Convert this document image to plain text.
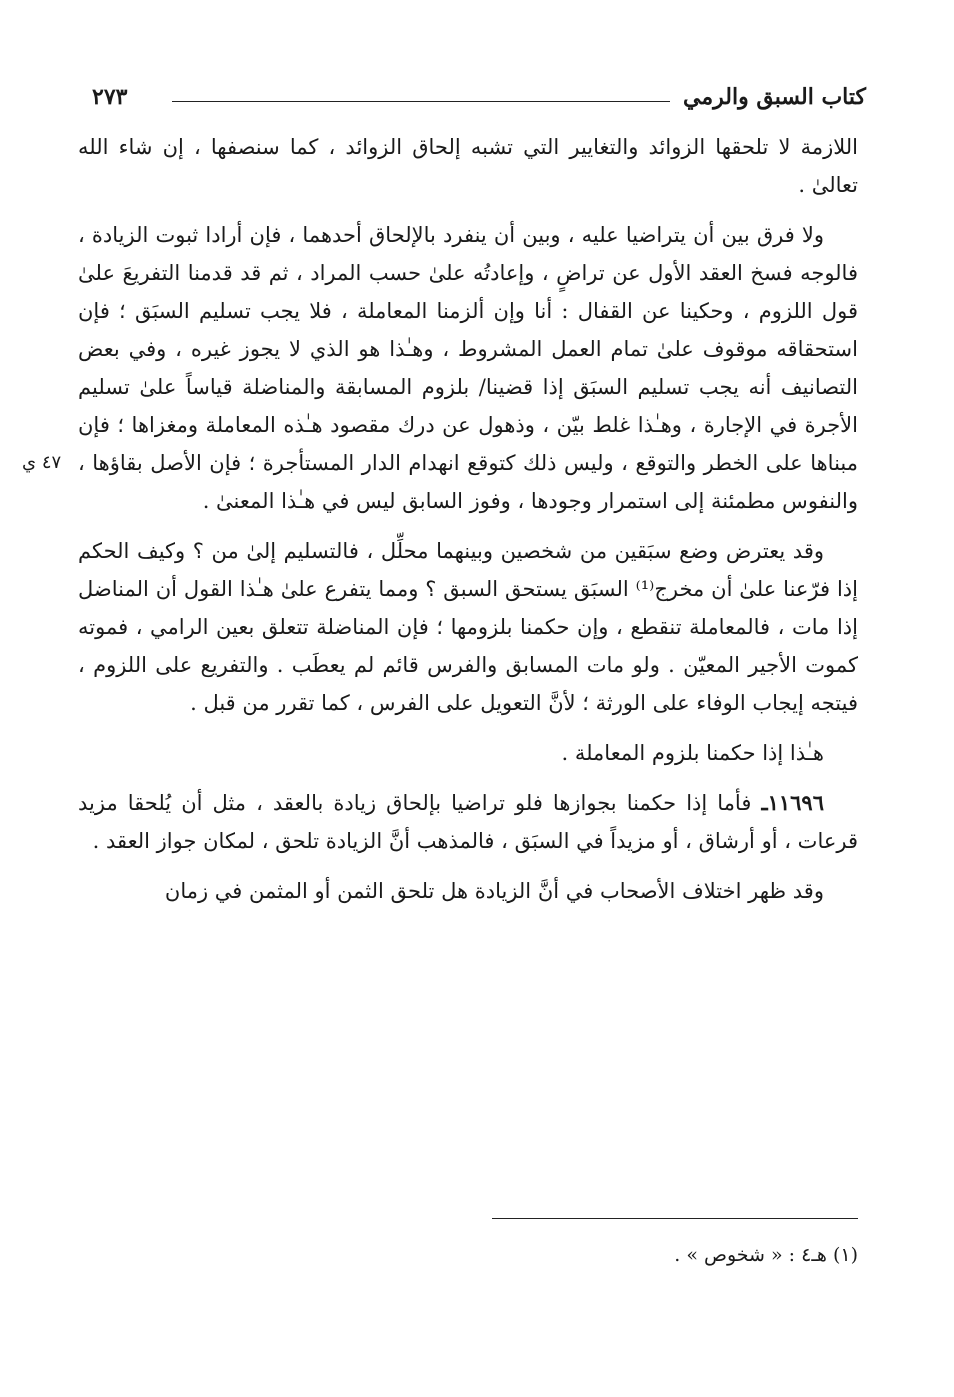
كتاب السبق والرمي
٢٧٣
٤٧ ي

اللازمة لا تلحقها الزوائد والتغايير التي تشبه إلحاق الزوائد ، كما سنصفها ، إن شاء الله تعالىٰ .

ولا فرق بين أن يتراضيا عليه ، وبين أن ينفرد بالإلحاق أحدهما ، فإن أرادا ثبوت الزيادة ، فالوجه فسخ العقد الأول عن تراضٍ ، وإعادتُه علىٰ حسب المراد ، ثم قد قدمنا التفريعَ علىٰ قول اللزوم ، وحكينا عن القفال : أنا وإن ألزمنا المعاملة ، فلا يجب تسليم السبَق ؛ فإن استحقاقه موقوف علىٰ تمام العمل المشروط ، وهـٰذا هو الذي لا يجوز غيره ، وفي بعض التصانيف أنه يجب تسليم السبَق إذا قضينا/ بلزوم المسابقة والمناضلة قياساً علىٰ تسليم الأجرة في الإجارة ، وهـٰذا غلط بيّن ، وذهول عن درك مقصود هـٰذه المعاملة ومغزاها ؛ فإن مبناها على الخطر والتوقع ، وليس ذلك كتوقع انهدام الدار المستأجرة ؛ فإن الأصل بقاؤها ، والنفوس مطمئنة إلى استمرار وجودها ، وفوز السابق ليس في هـٰذا المعنىٰ .

وقد يعترض وضع سبَقين من شخصين وبينهما محلِّل ، فالتسليم إلىٰ من ؟ وكيف الحكم إذا فرّعنا علىٰ أن مخرج⁽¹⁾ السبَق يستحق السبق ؟ ومما يتفرع علىٰ هـٰذا القول أن المناضل إذا مات ، فالمعاملة تنقطع ، وإن حكمنا بلزومها ؛ فإن المناضلة تتعلق بعين الرامي ، فموته كموت الأجير المعيّن . ولو مات المسابق والفرس قائم لم يعطَب . والتفريع على اللزوم ، فيتجه إيجاب الوفاء على الورثة ؛ لأنَّ التعويل على الفرس ، كما تقرر من قبل .

هـٰذا إذا حكمنا بلزوم المعاملة .

١١٦٩٦ـ فأما إذا حكمنا بجوازها فلو تراضيا بإلحاق زيادة بالعقد ، مثل أن يُلحقا مزيد قرعات ، أو أرشاق ، أو مزيداً في السبَق ، فالمذهب أنَّ الزيادة تلحق ، لمكان جواز العقد .

وقد ظهر اختلاف الأصحاب في أنَّ الزيادة هل تلحق الثمن أو المثمن في زمان

(١) هـ٤ : « شخوص » .
